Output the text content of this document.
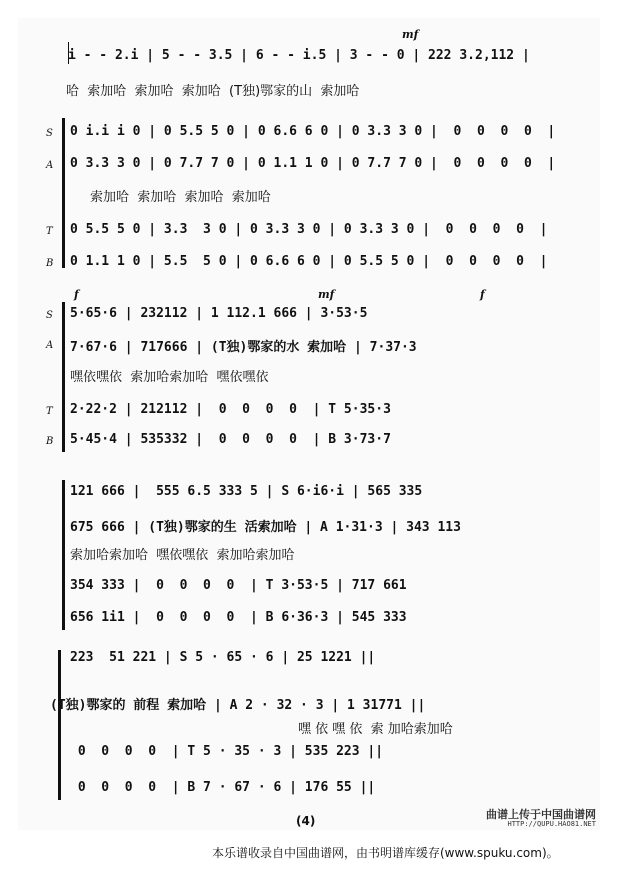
mf
i - - 2.i | 5 - - 3.5 | 6 - - i.5 | 3 - - 0 | 222 3.2,112 |
哈  索加哈  索加哈  索加哈  (T独)鄂家的山  索加哈
S 0 i.i i 0 | 0 5.5 5 0 | 0 6.6 6 0 | 0 3.3 3 0 |  0  0  0  0  |
A 0 3.3 3 0 | 0 7.7 7 0 | 0 1.1 1 0 | 0 7.7 7 0 |  0  0  0  0  |
索加哈  索加哈  索加哈  索加哈
T 0 5.5 5 0 | 3.3  3 0 | 0 3.3 3 0 | 0 3.3 3 0 |  0  0  0  0  |
B 0 1.1 1 0 | 5.5  5 0 | 0 6.6 6 0 | 0 5.5 5 0 |  0  0  0  0  |
f	mf	f
S 5·65·6 | 232112 | 1 112.1 666 | 3·53·5
A 7·67·6 | 717666 | (T独)鄂家的水 索加哈 | 7·37·3
嘿依嘿依  索加哈索加哈  嘿依嘿依
T 2·22·2 | 212112 |  0  0  0  0  | T 5·35·3
B 5·45·4 | 535332 |  0  0  0  0  | B 3·73·7
121 666 |  555 6.5 333 5 | S 6·i6·i | 565 335
675 666 | (T独)鄂家的生 活索加哈 | A 1·31·3 | 343 113
索加哈索加哈  嘿依嘿依  索加哈索加哈
354 333 |  0  0  0  0  | T 3·53·5 | 717 661
656 1i1 |  0  0  0  0  | B 6·36·3 | 545 333
223  51 221 | S 5 · 65 · 6 | 25 1221 ||
(T独)鄂家的 前程 索加哈 | A 2 · 32 · 3 | 1 31771 ||
嘿 依 嘿 依  索 加哈索加哈
0  0  0  0  | T 5 · 35 · 3 | 535 223 ||
0  0  0  0  | B 7 · 67 · 6 | 176 55 ||
(4)	曲谱上传于中国曲谱网
HTTP://QUPU.HAO81.NET
本乐谱收录自中国曲谱网，由书明谱库缓存(www.spuku.com)。
